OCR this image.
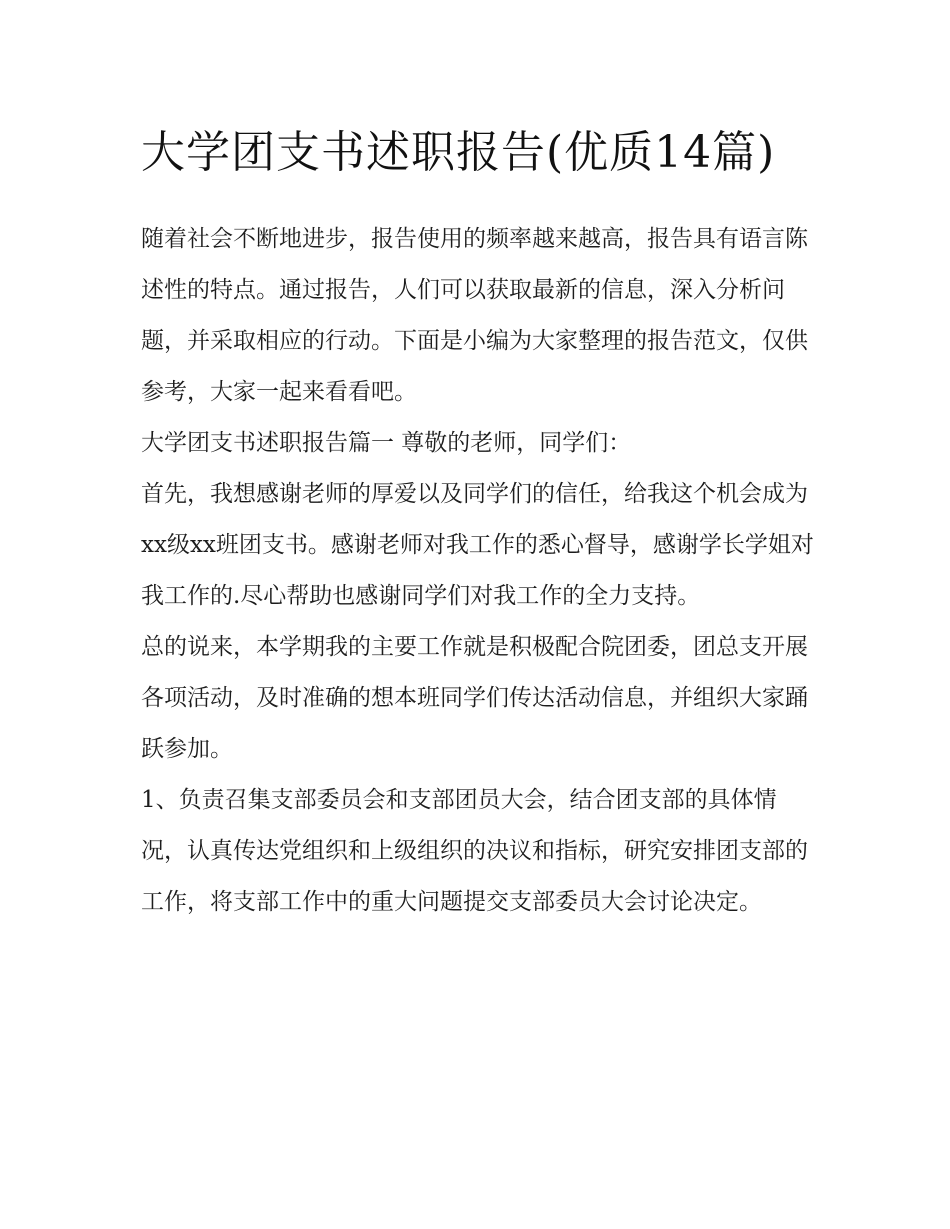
大学团支书述职报告(优质14篇)

随着社会不断地进步，报告使用的频率越来越高，报告具有语言陈述性的特点。通过报告，人们可以获取最新的信息，深入分析问题，并采取相应的行动。下面是小编为大家整理的报告范文，仅供参考，大家一起来看看吧。

大学团支书述职报告篇一 尊敬的老师，同学们：

首先，我想感谢老师的厚爱以及同学们的信任，给我这个机会成为xx级xx班团支书。感谢老师对我工作的悉心督导，感谢学长学姐对我工作的.尽心帮助也感谢同学们对我工作的全力支持。

总的说来，本学期我的主要工作就是积极配合院团委，团总支开展各项活动，及时准确的想本班同学们传达活动信息，并组织大家踊跃参加。

1、负责召集支部委员会和支部团员大会，结合团支部的具体情况，认真传达党组织和上级组织的决议和指标，研究安排团支部的工作，将支部工作中的重大问题提交支部委员大会讨论决定。
